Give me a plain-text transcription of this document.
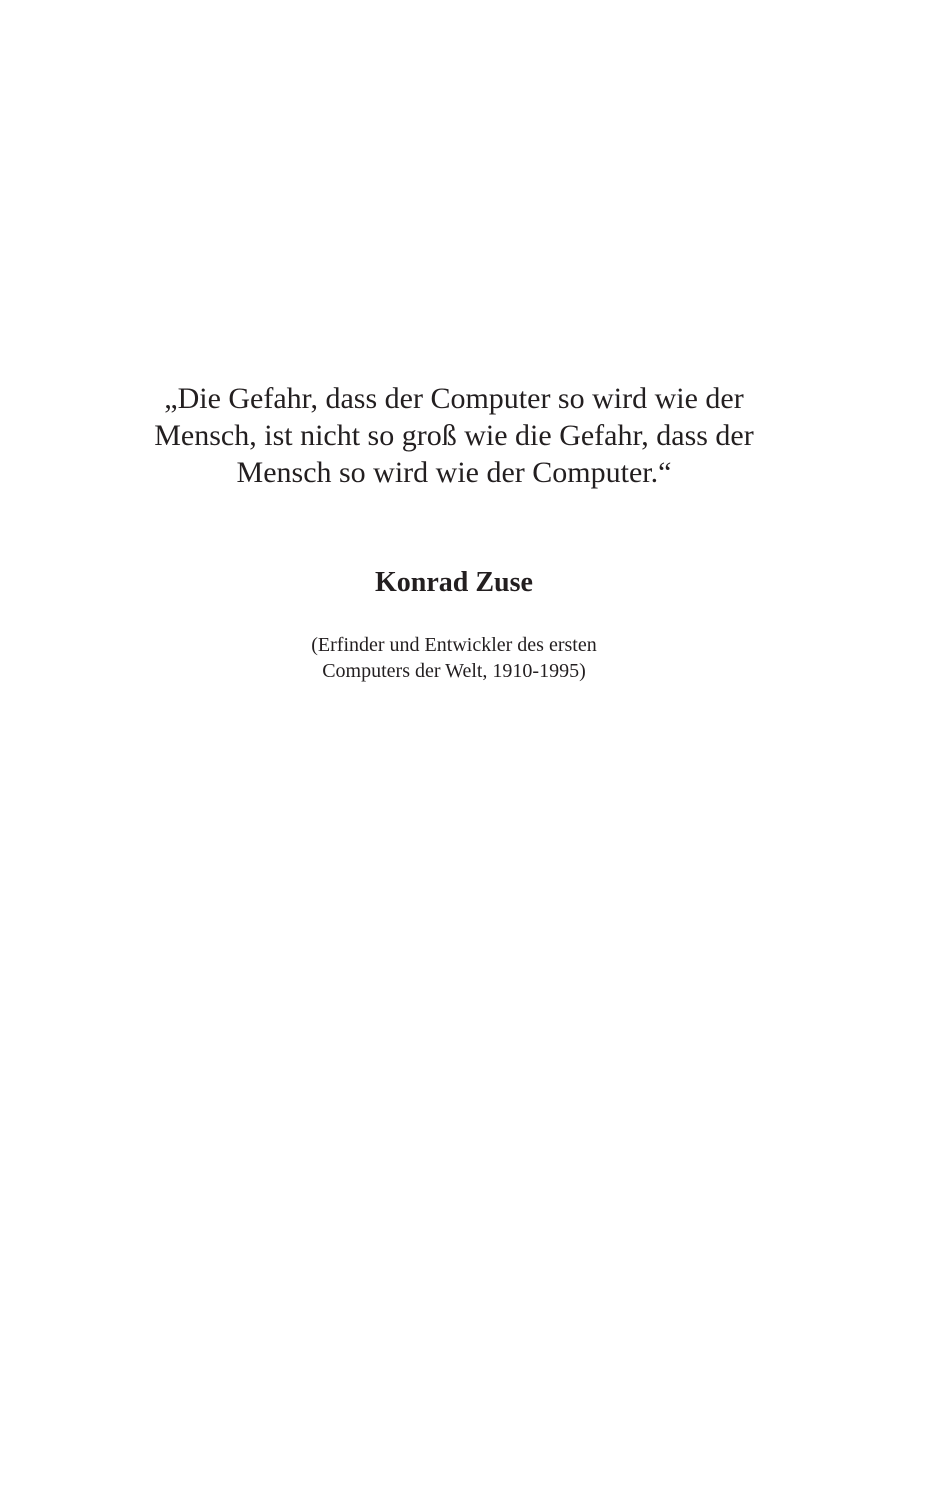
„Die Gefahr, dass der Computer so wird wie der
Mensch, ist nicht so groß wie die Gefahr, dass der
Mensch so wird wie der Computer.“
Konrad Zuse
(Erfinder und Entwickler des ersten
Computers der Welt, 1910-1995)
